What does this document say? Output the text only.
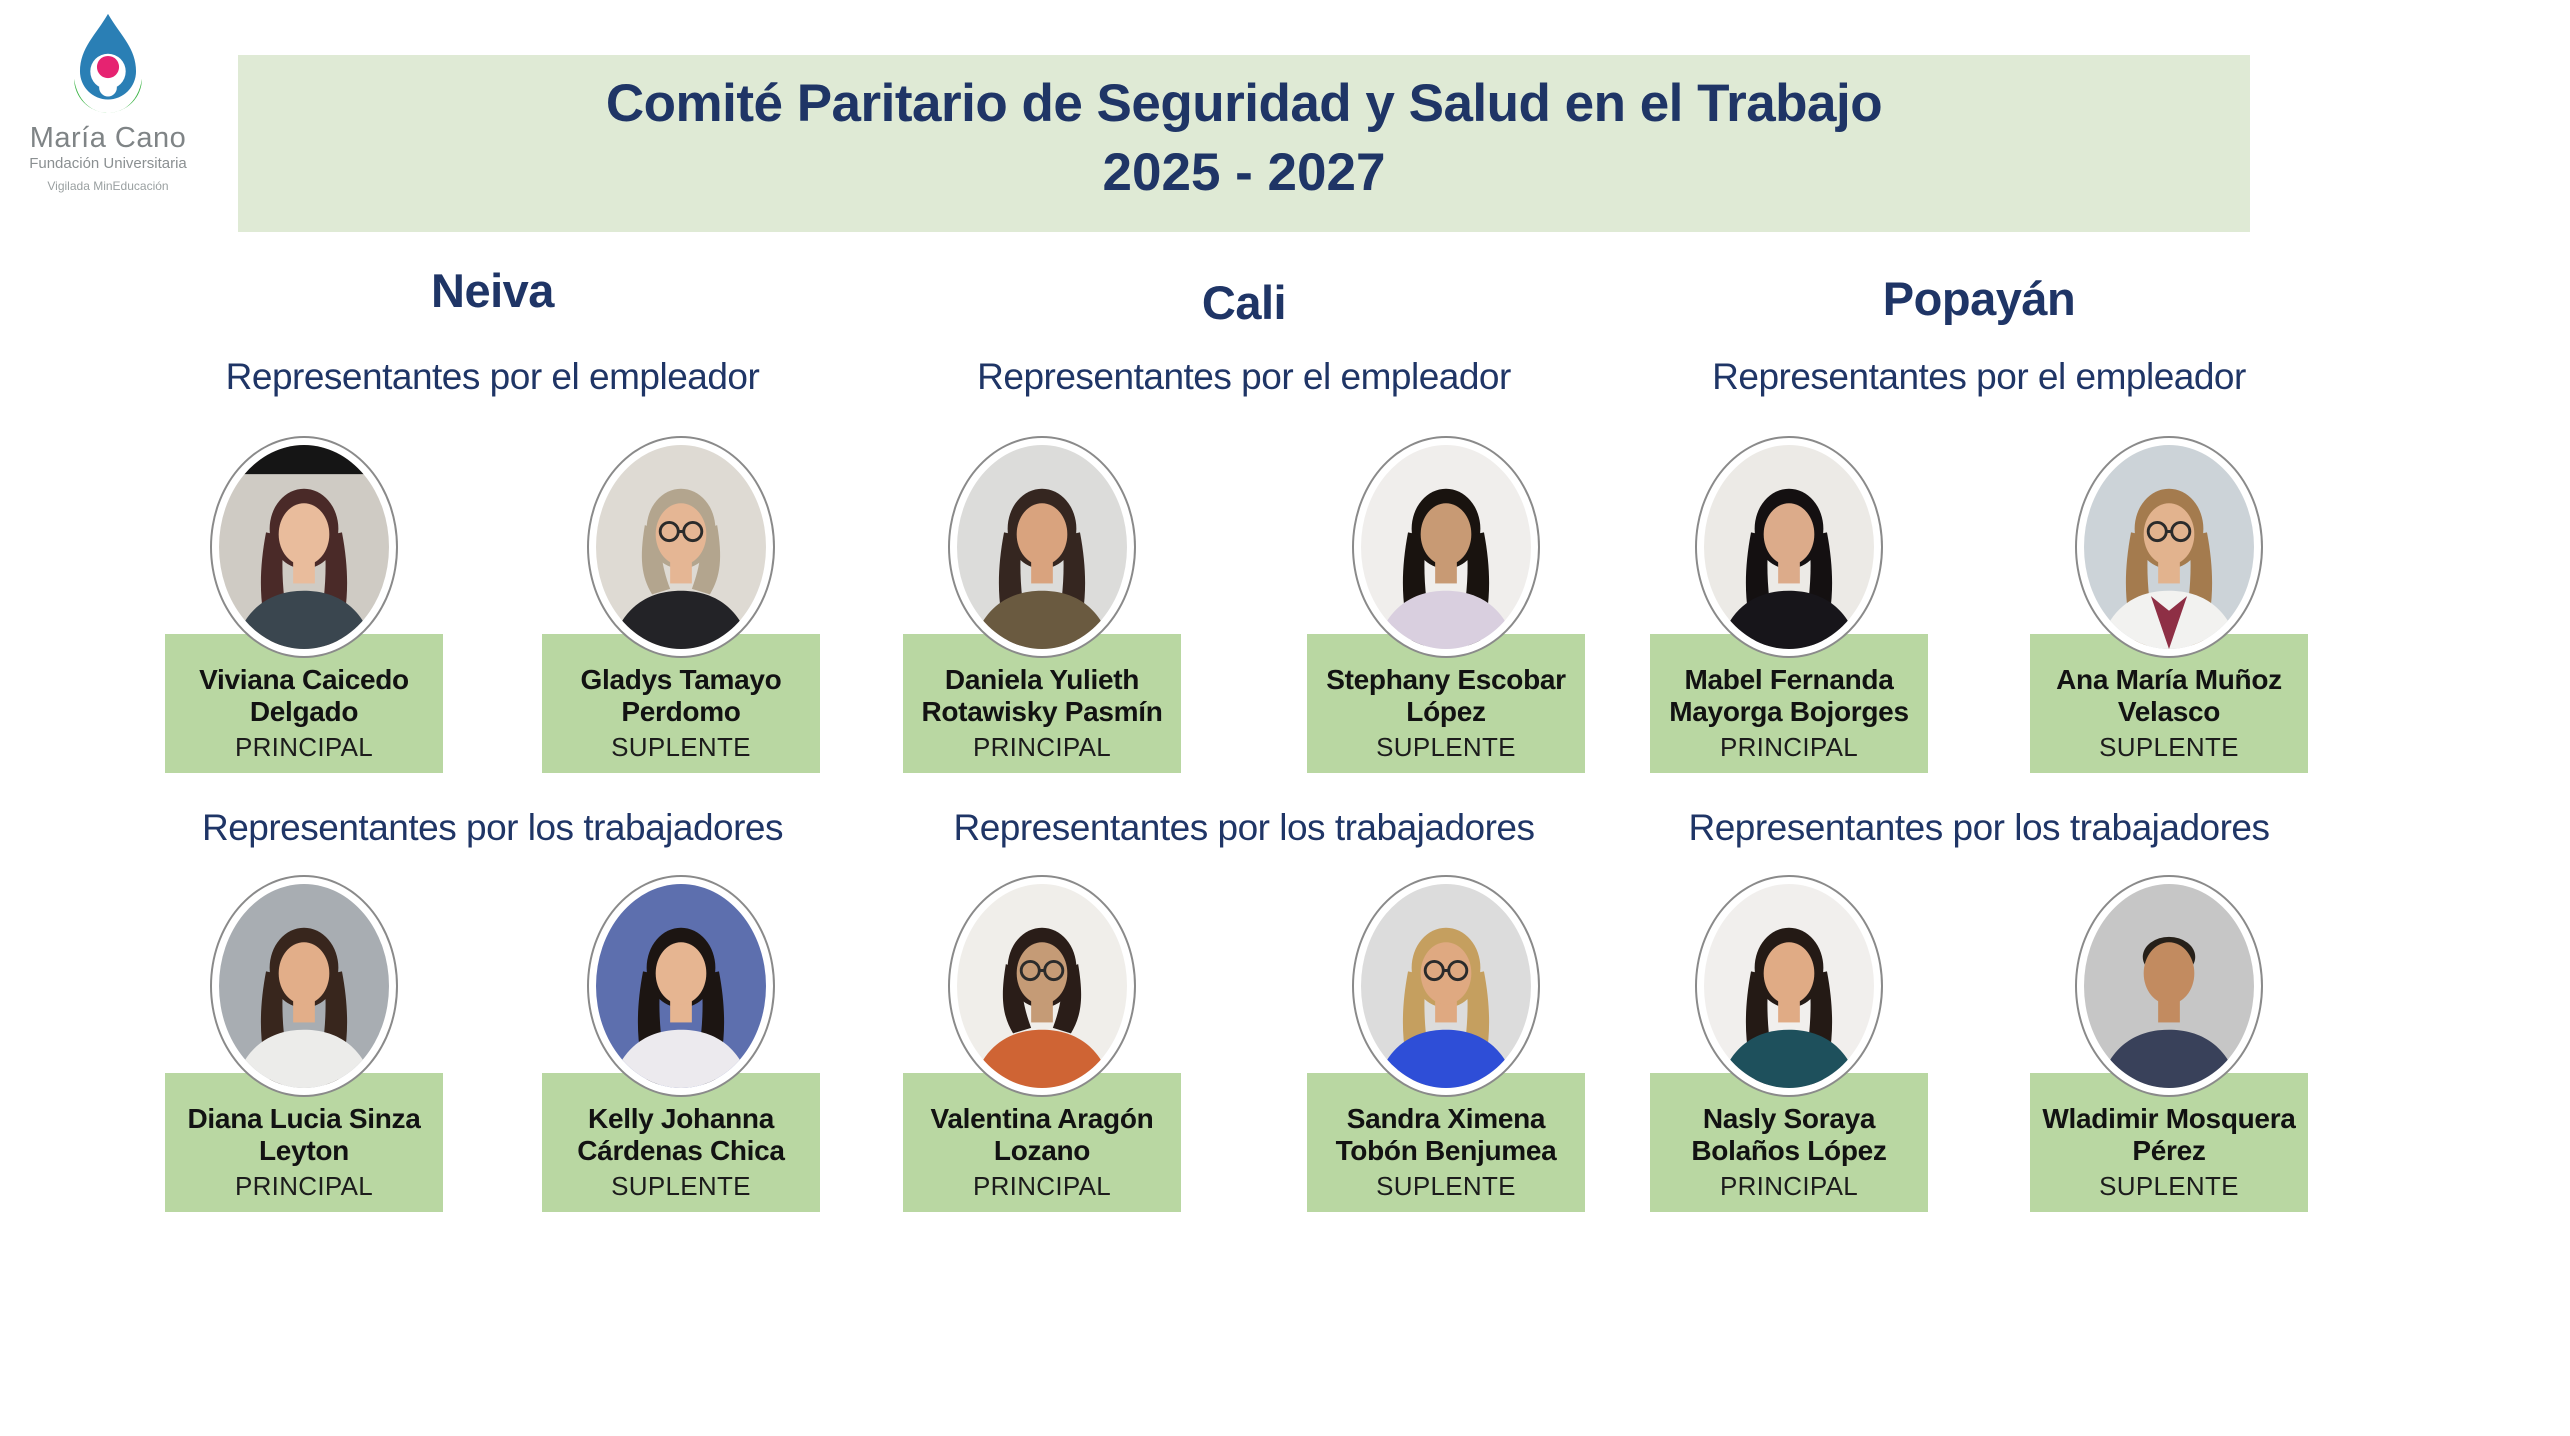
María Cano
Fundación Universitaria
Vigilada MinEducación
Comité Paritario de Seguridad y Salud en el Trabajo
2025 - 2027
Neiva
Representantes por el empleador
Viviana Caicedo Delgado
PRINCIPAL
Gladys Tamayo Perdomo
SUPLENTE
Representantes por los trabajadores
Diana Lucia Sinza Leyton
PRINCIPAL
Kelly Johanna Cárdenas Chica
SUPLENTE
Cali
Representantes por el empleador
Daniela Yulieth Rotawisky Pasmín
PRINCIPAL
Stephany Escobar López
SUPLENTE
Representantes por los trabajadores
Valentina Aragón Lozano
PRINCIPAL
Sandra Ximena Tobón Benjumea
SUPLENTE
Popayán
Representantes por el empleador
Mabel Fernanda Mayorga Bojorges
PRINCIPAL
Ana María Muñoz Velasco
SUPLENTE
Representantes por los trabajadores
Nasly Soraya Bolaños López
PRINCIPAL
Wladimir Mosquera Pérez
SUPLENTE
